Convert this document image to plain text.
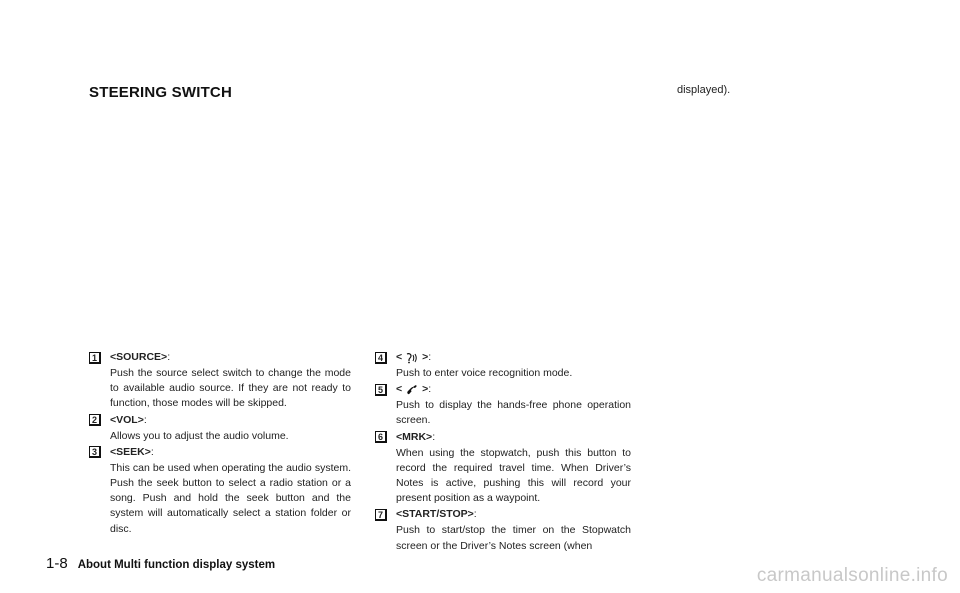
STEERING SWITCH	displayed).
1	<SOURCE> :

Push the source select switch to change the mode to available audio source. If they are not ready to function, those modes will be skipped.

2	<VOL> :

Allows you to adjust the audio volume.

3	<SEEK> :

This can be used when operating the audio system. Push the seek button to select a radio station or a song. Push and hold the seek button and the system will automatically select a station folder or disc.

4	< > :

Push to enter voice recognition mode.

5	< > :

Push to display the hands-free phone operation screen.

6	<MRK> :

When using the stopwatch, push this button to record the required travel time. When Driver’s Notes is active, pushing this will record your present position as a waypoint.

7	<START/STOP> :

Push to start/stop the timer on the Stopwatch screen or the Driver’s Notes screen (when

1-8 About Multi function display system	carmanualsonline.info
